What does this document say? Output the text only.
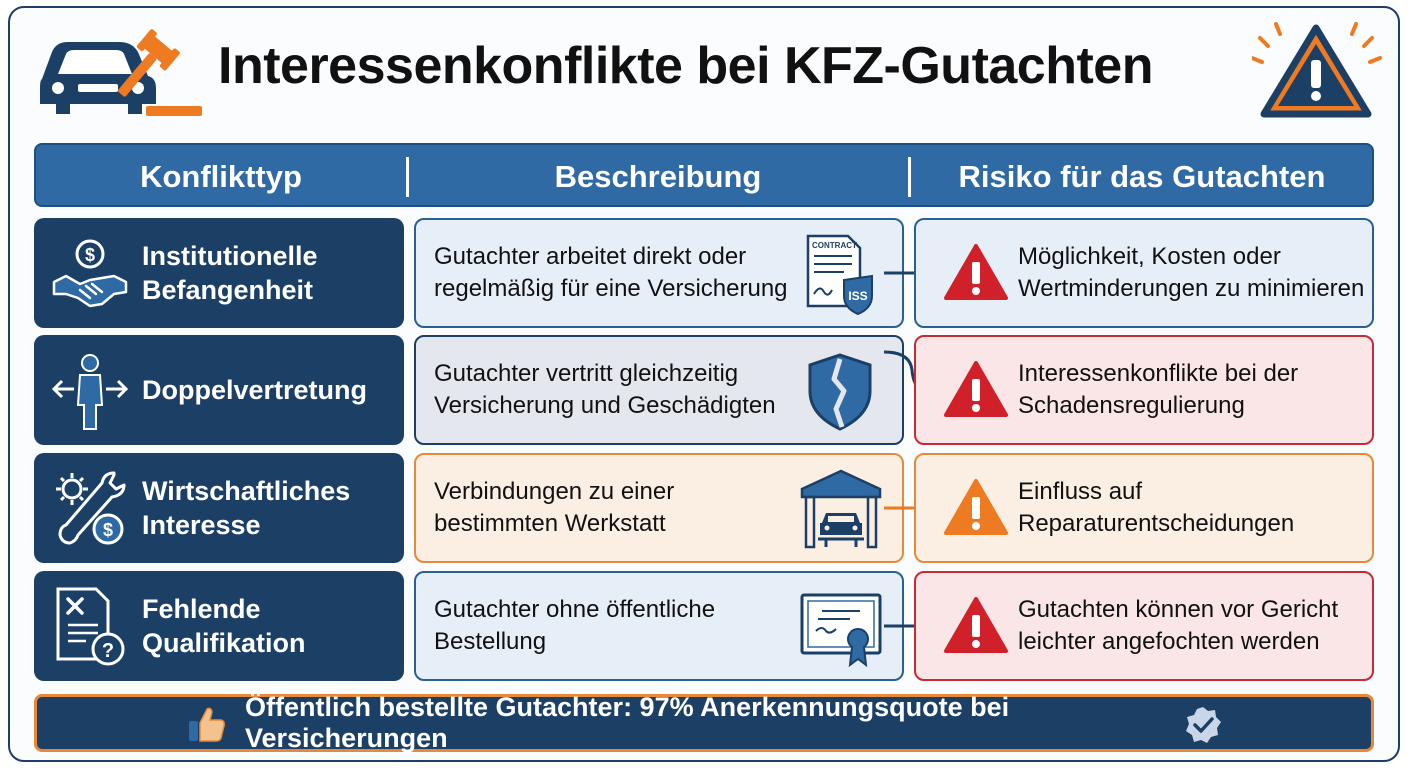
Interessenkonflikte bei KFZ-Gutachten
Konflikttyp	Beschreibung	Risiko für das Gutachten
$ Institutionelle Befangenheit
Gutachter arbeitet direkt oder regelmäßig für eine Versicherung
CONTRACT
ISS
Möglichkeit, Kosten oder Wertminderungen zu minimieren
Doppelvertretung
Gutachter vertritt gleichzeitig Versicherung und Geschädigten
Interessenkonflikte bei der Schadensregulierung
$
Wirtschaftliches Interesse
Verbindungen zu einer bestimmten Werkstatt
Einfluss auf Reparaturentscheidungen
?
Fehlende Qualifikation
Gutachter ohne öffentliche Bestellung
Gutachten können vor Gericht leichter angefochten werden
Öffentlich bestellte Gutachter: 97% Anerkennungsquote bei Versicherungen
